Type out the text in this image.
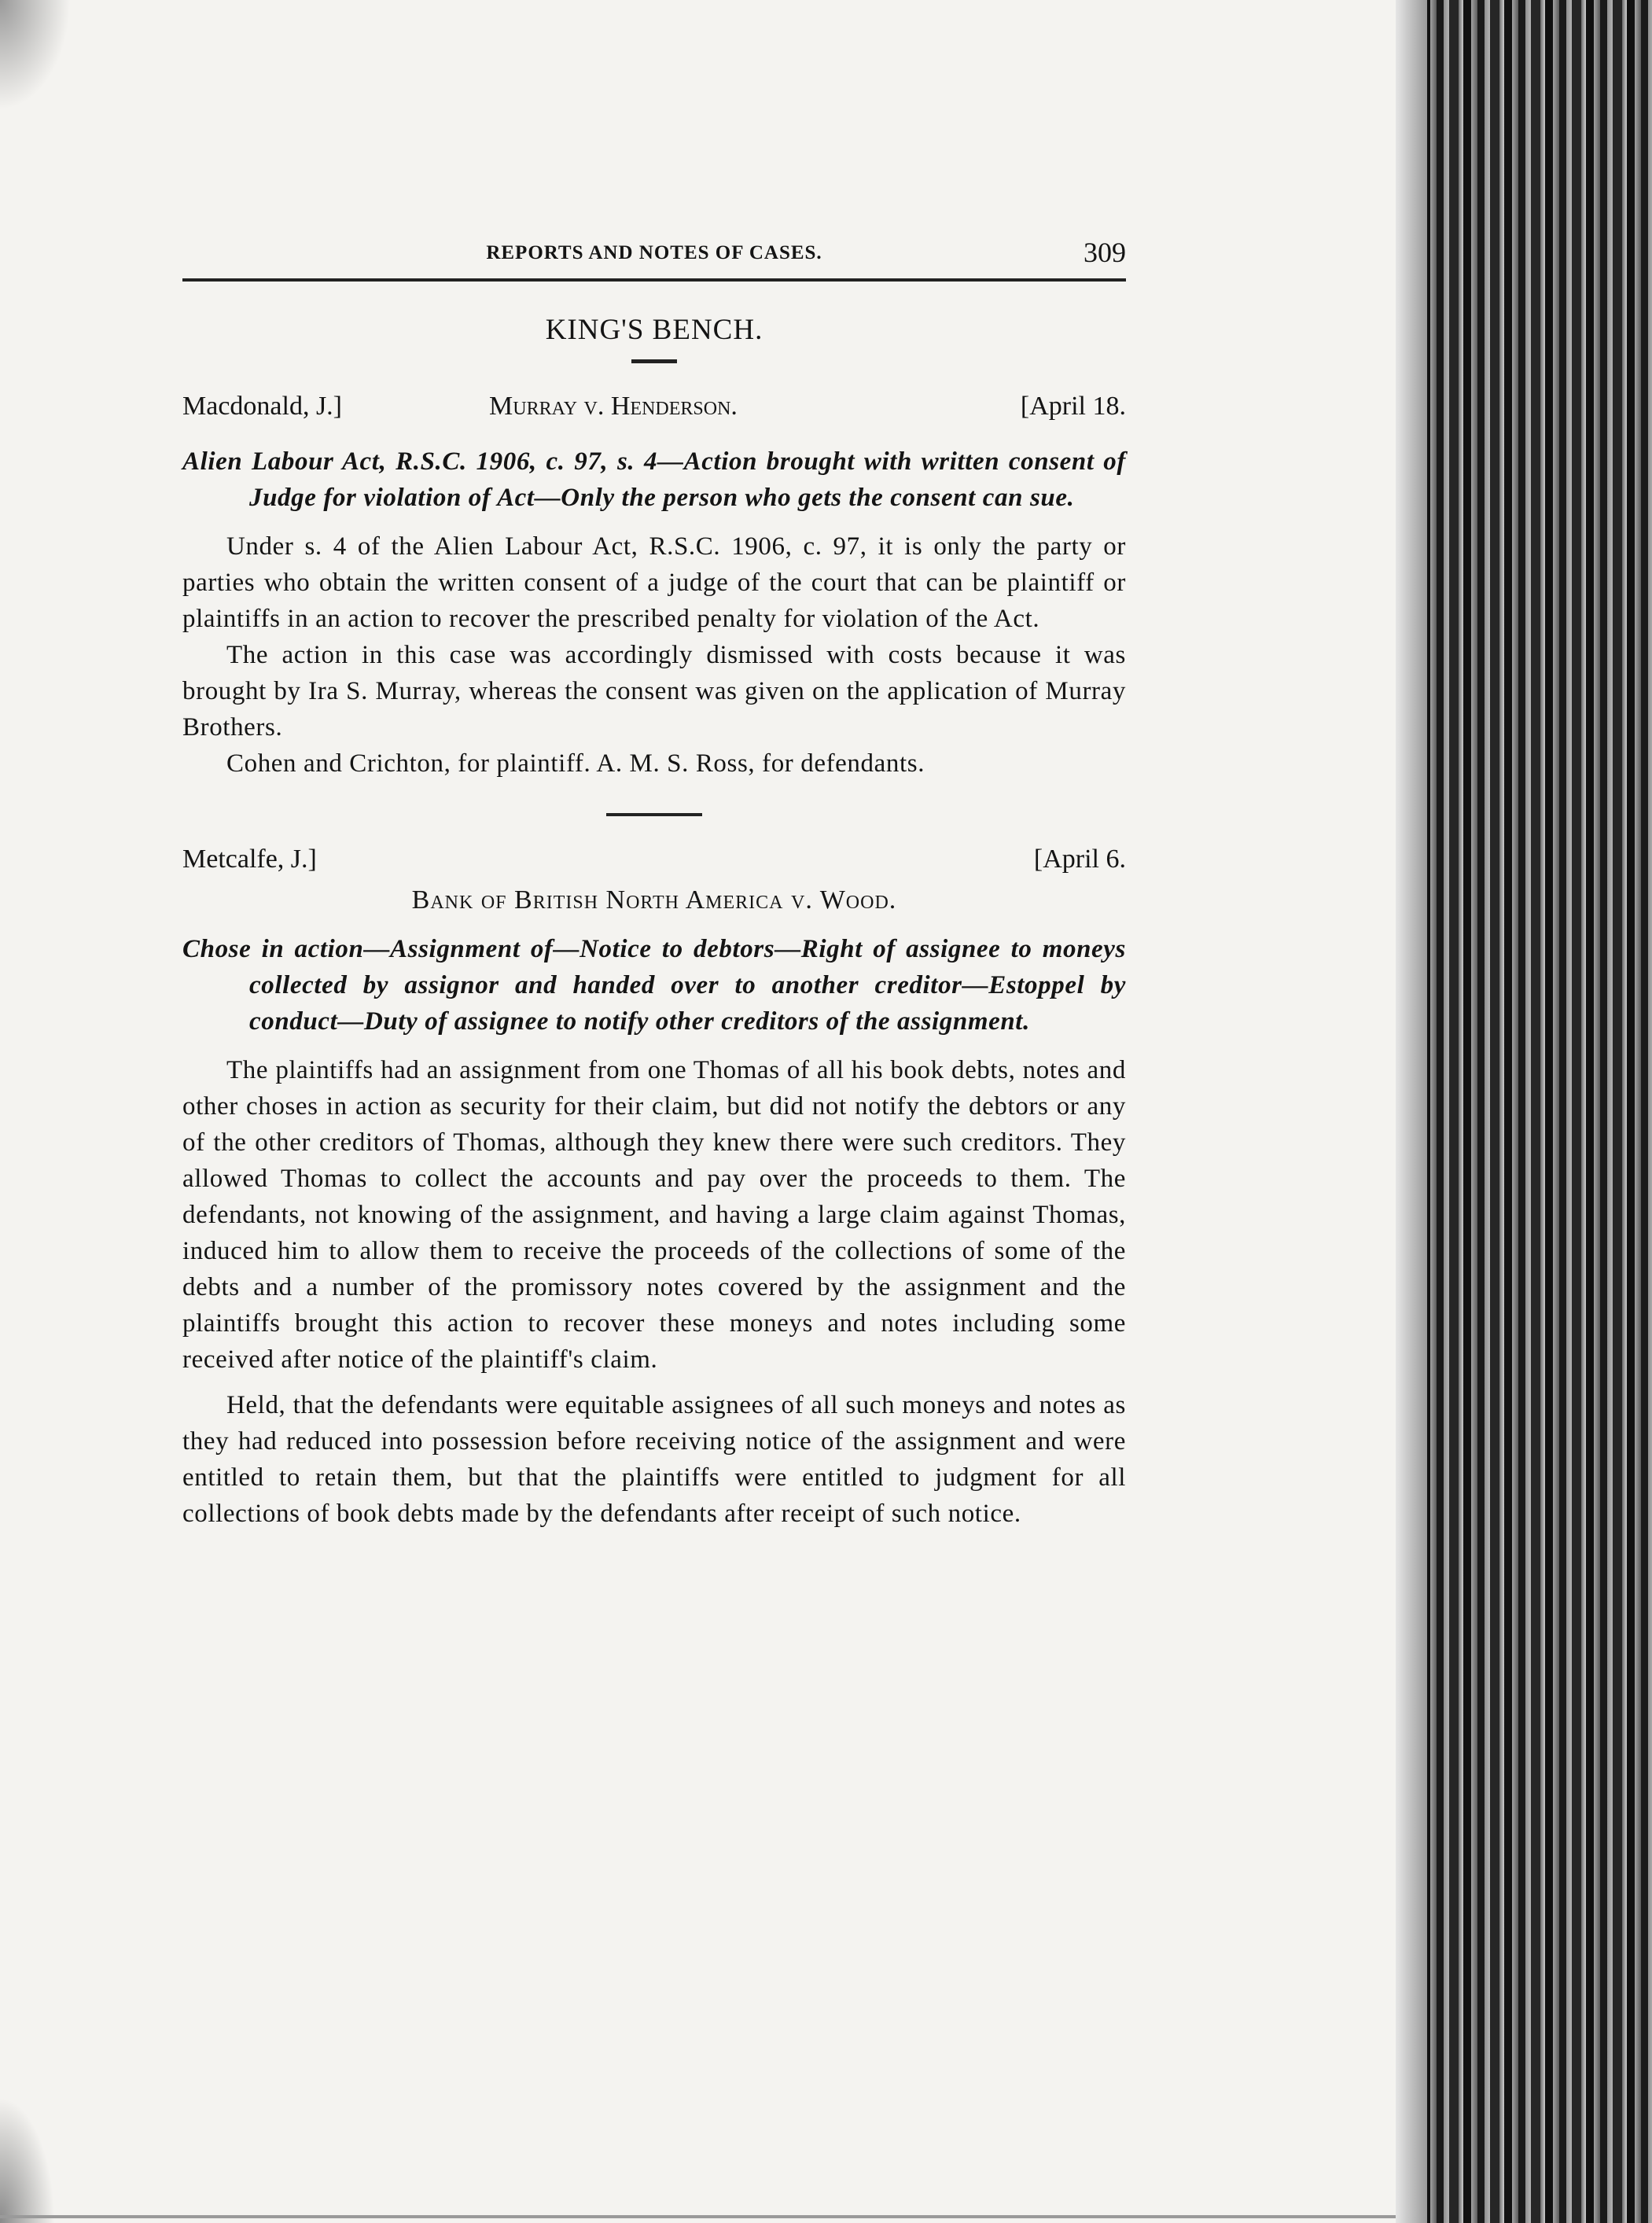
REPORTS AND NOTES OF CASES.	309
KING'S BENCH.
Macdonald, J.]	Murray v. Henderson.	[April 18.
Alien Labour Act, R.S.C. 1906, c. 97, s. 4—Action brought with written consent of Judge for violation of Act—Only the person who gets the consent can sue.

Under s. 4 of the Alien Labour Act, R.S.C. 1906, c. 97, it is only the party or parties who obtain the written consent of a judge of the court that can be plaintiff or plaintiffs in an action to recover the prescribed penalty for violation of the Act.

The action in this case was accordingly dismissed with costs because it was brought by Ira S. Murray, whereas the consent was given on the application of Murray Brothers.

Cohen and Crichton, for plaintiff. A. M. S. Ross, for defendants.

Metcalfe, J.]	[April 6.
Bank of British North America v. Wood.
Chose in action—Assignment of—Notice to debtors—Right of assignee to moneys collected by assignor and handed over to another creditor—Estoppel by conduct—Duty of assignee to notify other creditors of the assignment.

The plaintiffs had an assignment from one Thomas of all his book debts, notes and other choses in action as security for their claim, but did not notify the debtors or any of the other creditors of Thomas, although they knew there were such creditors. They allowed Thomas to collect the accounts and pay over the proceeds to them. The defendants, not knowing of the assignment, and having a large claim against Thomas, induced him to allow them to receive the proceeds of the collections of some of the debts and a number of the promissory notes covered by the assignment and the plaintiffs brought this action to recover these moneys and notes including some received after notice of the plaintiff's claim.

Held, that the defendants were equitable assignees of all such moneys and notes as they had reduced into possession before receiving notice of the assignment and were entitled to retain them, but that the plaintiffs were entitled to judgment for all collections of book debts made by the defendants after receipt of such notice.
